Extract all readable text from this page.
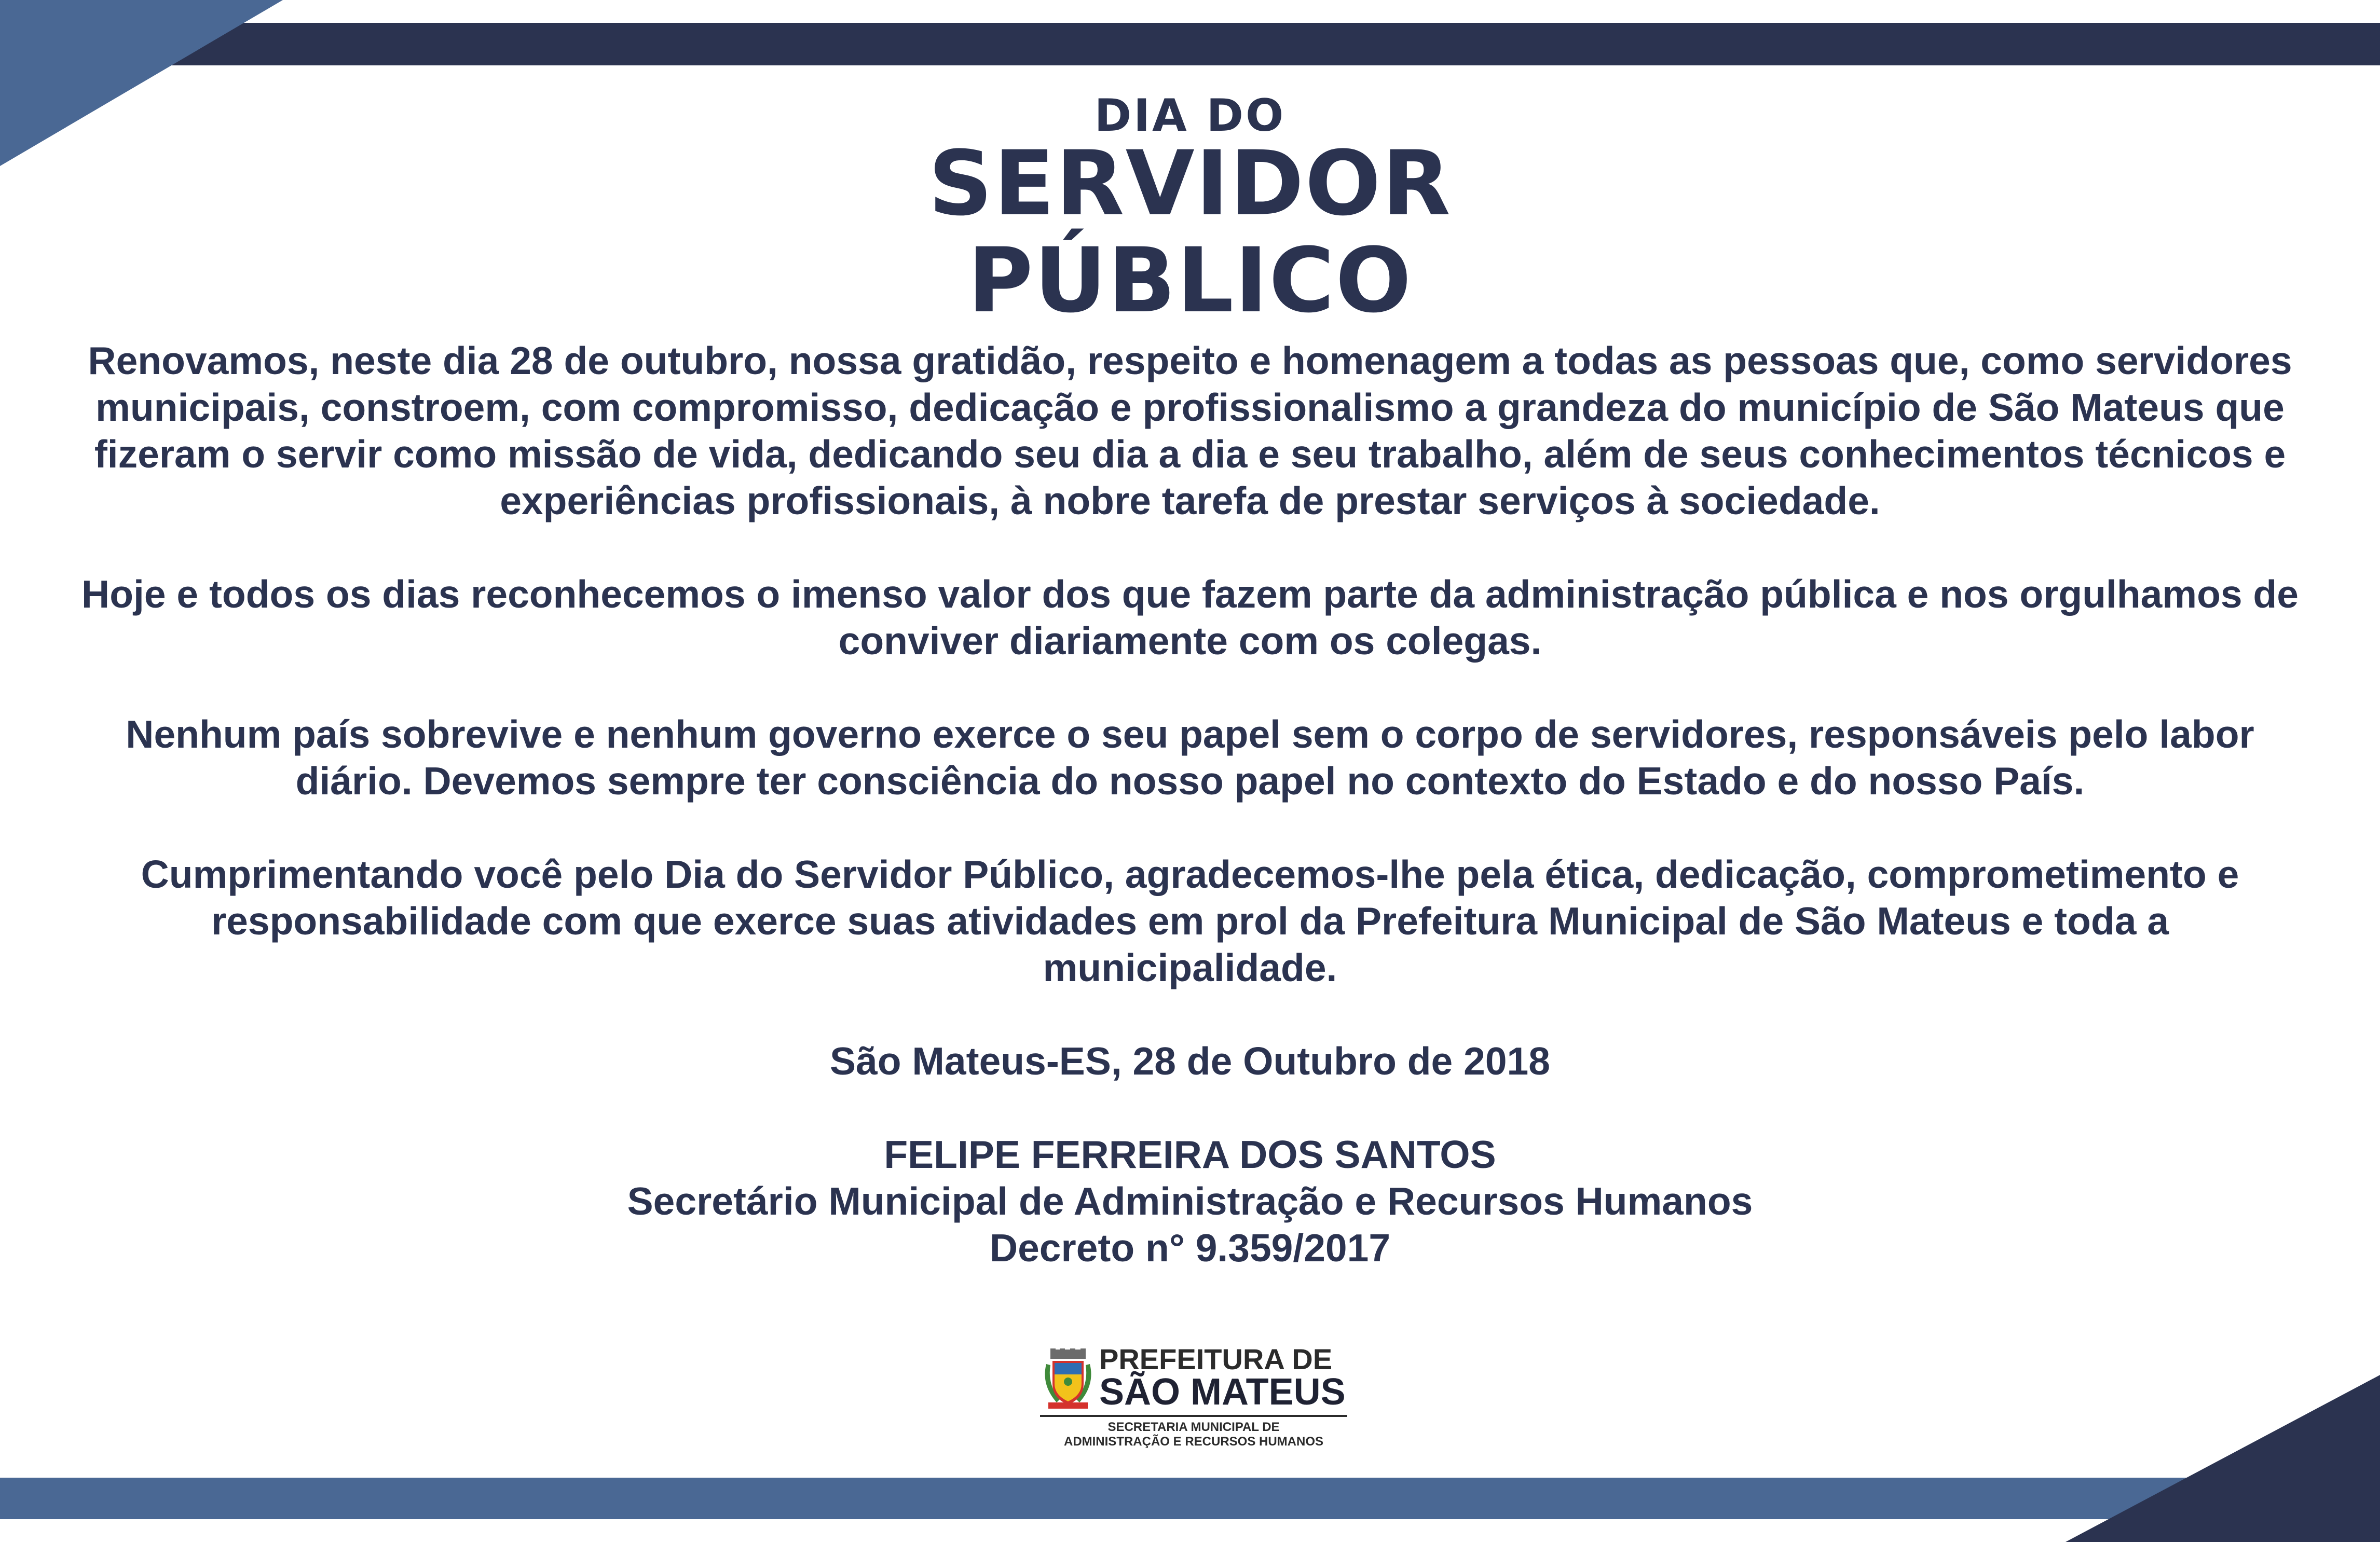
DIA DO
SERVIDOR
PÚBLICO

Renovamos, neste dia 28 de outubro, nossa gratidão, respeito e homenagem a todas as pessoas que, como servidores municipais, constroem, com compromisso, dedicação e profissionalismo a grandeza do município de São Mateus que fizeram o servir como missão de vida, dedicando seu dia a dia e seu trabalho, além de seus conhecimentos técnicos e experiências profissionais, à nobre tarefa de prestar serviços à sociedade.

Hoje e todos os dias reconhecemos o imenso valor dos que fazem parte da administração pública e nos orgulhamos de conviver diariamente com os colegas.

Nenhum país sobrevive e nenhum governo exerce o seu papel sem o corpo de servidores, responsáveis pelo labor diário. Devemos sempre ter consciência do nosso papel no contexto do Estado e do nosso País.

Cumprimentando você pelo Dia do Servidor Público, agradecemos-lhe pela ética, dedicação, comprometimento e responsabilidade com que exerce suas atividades em prol da Prefeitura Municipal de São Mateus e toda a municipalidade.

São Mateus-ES, 28 de Outubro de 2018

FELIPE FERREIRA DOS SANTOS
Secretário Municipal de Administração e Recursos Humanos
Decreto n° 9.359/2017

PREFEITURA DE
SÃO MATEUS
SECRETARIA MUNICIPAL DE
ADMINISTRAÇÃO E RECURSOS HUMANOS
